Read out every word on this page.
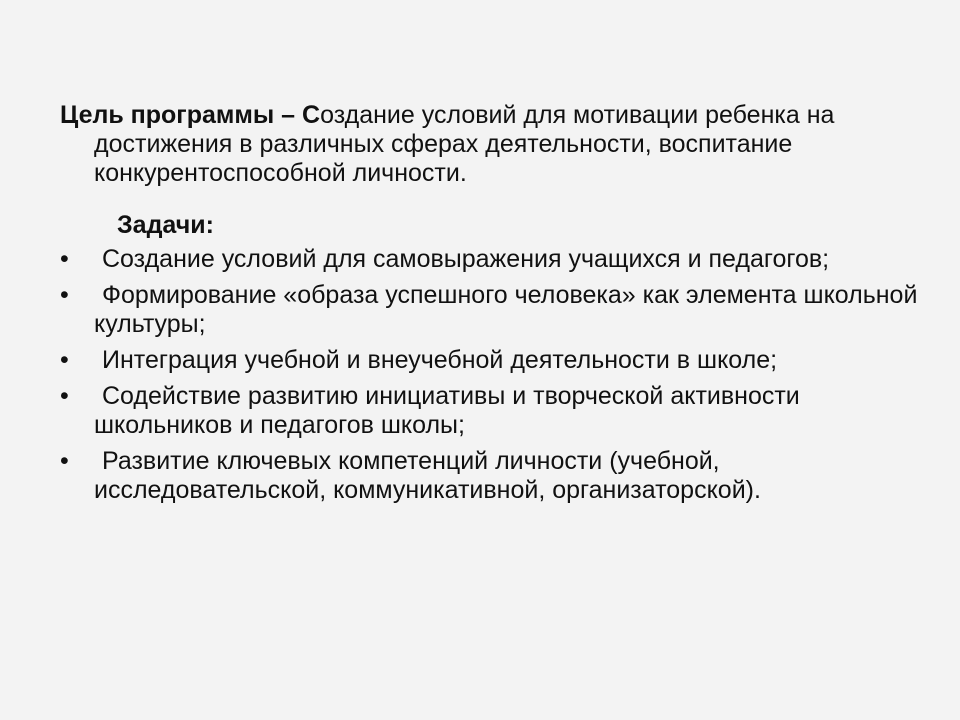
Цель программы – Создание условий для мотивации ребенка на достижения в различных сферах деятельности, воспитание конкурентоспособной личности.

Задачи:
•	Создание условий для самовыражения учащихся и педагогов;
•	Формирование «образа успешного человека» как элемента школьной культуры;
•	Интеграция учебной и внеучебной деятельности в школе;
•	Содействие развитию инициативы и творческой активности школьников и педагогов школы;
•	Развитие ключевых компетенций личности (учебной, исследовательской, коммуникативной, организаторской).
